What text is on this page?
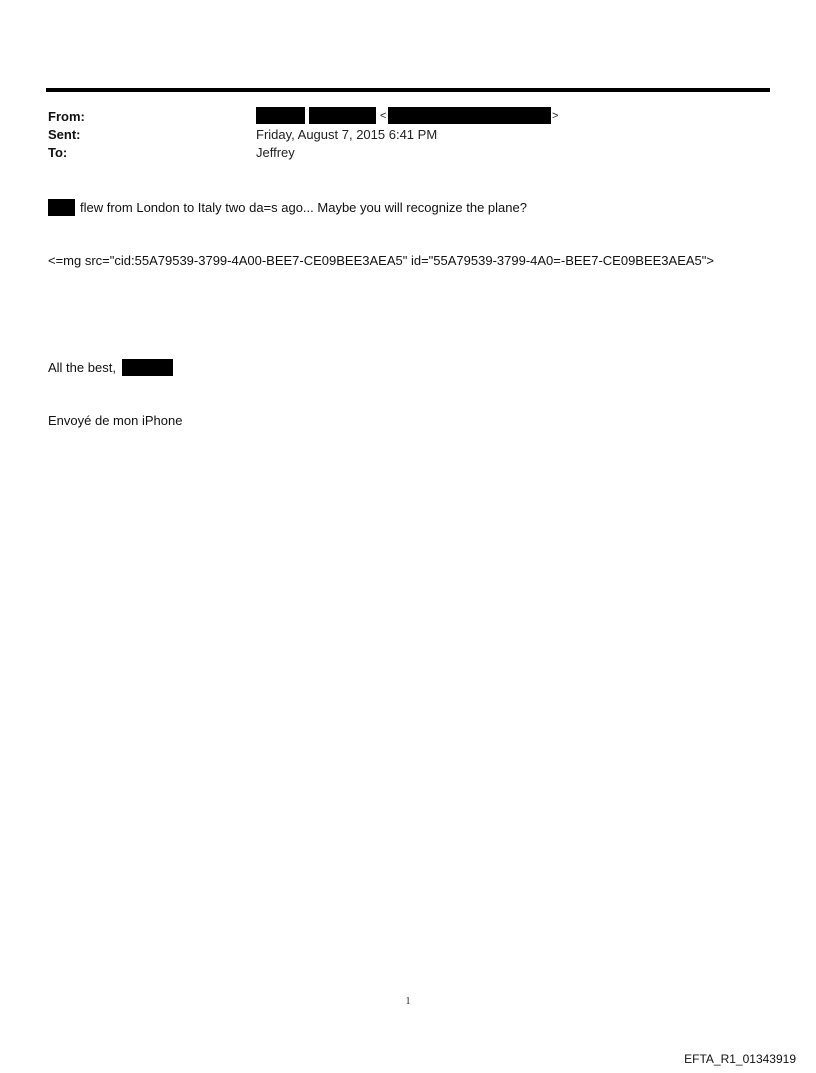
From:
Sent:
To:
<	>
Friday, August 7, 2015 6:41 PM
Jeffrey
flew from London to Italy two da=s ago... Maybe you will recognize the plane?
<=mg src="cid:55A79539-3799-4A00-BEE7-CE09BEE3AEA5" id="55A79539-3799-4A0=-BEE7-CE09BEE3AEA5">
All the best,
Envoyé de mon iPhone
1
EFTA_R1_01343919
